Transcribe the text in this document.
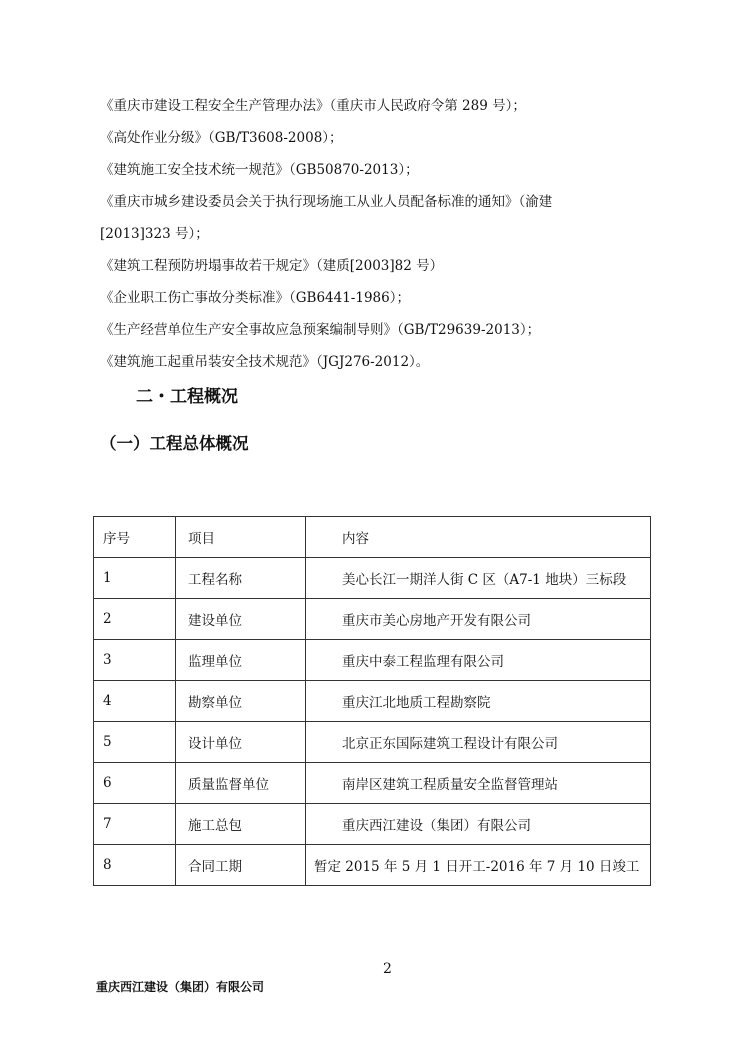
《重庆市建设工程安全生产管理办法》（重庆市人民政府令第 289 号）；
《高处作业分级》（GB/T3608-2008）；
《建筑施工安全技术统一规范》（GB50870-2013）；
《重庆市城乡建设委员会关于执行现场施工从业人员配备标准的通知》（渝建
[2013]323 号）；
《建筑工程预防坍塌事故若干规定》（建质[2003]82 号）
《企业职工伤亡事故分类标准》（GB6441-1986）；
《生产经营单位生产安全事故应急预案编制导则》（GB/T29639-2013）；
《建筑施工起重吊装安全技术规范》（JGJ276-2012）。
二・工程概况
（一）工程总体概况
序号	项目	内容
1	工程名称	美心长江一期洋人街 C 区（A7-1 地块）三标段
2	建设单位	重庆市美心房地产开发有限公司
3	监理单位	重庆中泰工程监理有限公司
4	勘察单位	重庆江北地质工程勘察院
5	设计单位	北京正东国际建筑工程设计有限公司
6	质量监督单位	南岸区建筑工程质量安全监督管理站
7	施工总包	重庆西江建设（集团）有限公司
8	合同工期	暂定 2015 年 5 月 1 日开工-2016 年 7 月 10 日竣工
2
重庆西江建设（集团）有限公司
